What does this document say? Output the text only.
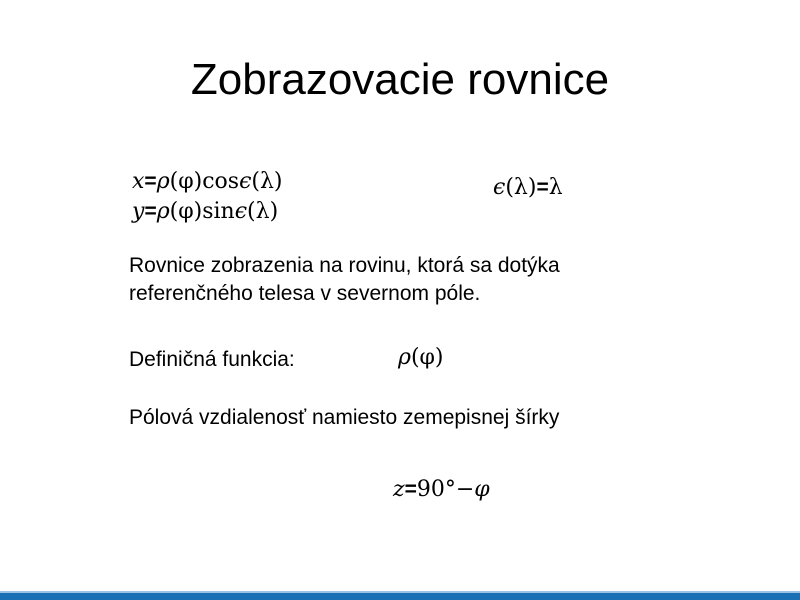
Zobrazovacie rovnice
x=ρ(φ)cosϵ(λ)
y=ρ(φ)sinϵ(λ)
ϵ(λ)=λ
Rovnice zobrazenia na rovinu, ktorá sa dotýka
referenčného telesa v severnom póle.
Definičná funkcia:	ρ(φ)
Pólová vzdialenosť namiesto zemepisnej šírky
z=90°−φ
